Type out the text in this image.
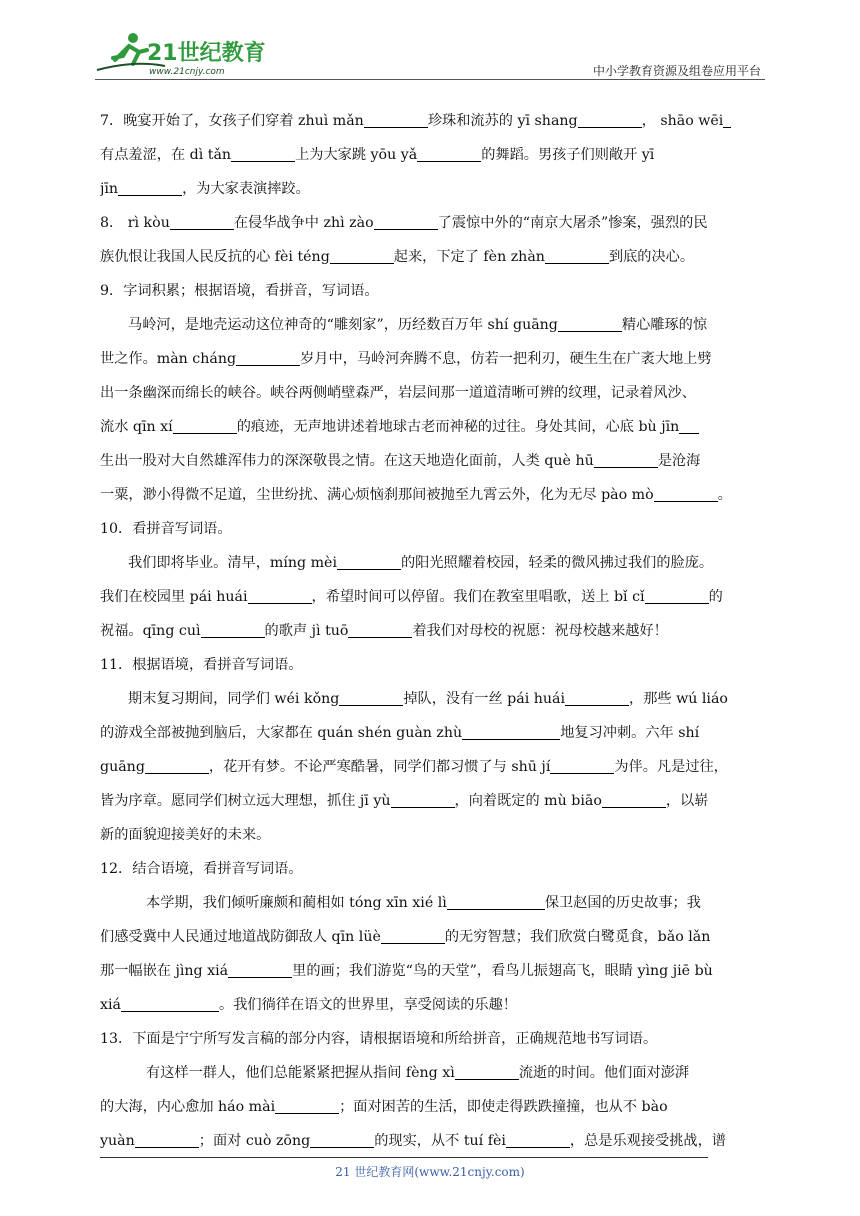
21世纪教育
www.21cnjy.com	中小学教育资源及组卷应用平台
7．晚宴开始了，女孩子们穿着 zhuì mǎn	珍珠和流苏的 yī shang	， shāo wēi
有点羞涩，在 dì tǎn	上为大家跳 yōu yǎ	的舞蹈。男孩子们则敞开 yī
jīn	，为大家表演摔跤。
8． rì kòu	在侵华战争中 zhì zào	了震惊中外的“南京大屠杀”惨案，强烈的民
族仇恨让我国人民反抗的心 fèi téng	起来，下定了 fèn zhàn	到底的决心。
9．字词积累；根据语境，看拼音，写词语。
马岭河，是地壳运动这位神奇的“雕刻家”，历经数百万年 shí guāng	精心雕琢的惊
世之作。màn cháng	岁月中，马岭河奔腾不息，仿若一把利刃，硬生生在广袤大地上劈
出一条幽深而绵长的峡谷。峡谷两侧峭壁森严，岩层间那一道道清晰可辨的纹理，记录着风沙、
流水 qīn xí	的痕迹，无声地讲述着地球古老而神秘的过往。身处其间，心底 bù jīn
生出一股对大自然雄浑伟力的深深敬畏之情。在这天地造化面前，人类 què hū	是沧海
一粟，渺小得微不足道，尘世纷扰、满心烦恼刹那间被抛至九霄云外，化为无尽 pào mò	。
10．看拼音写词语。
我们即将毕业。清早，míng mèi	的阳光照耀着校园，轻柔的微风拂过我们的脸庞。
我们在校园里 pái huái	，希望时间可以停留。我们在教室里唱歌，送上 bǐ cǐ	的
祝福。qīng cuì	的歌声 jì tuō	着我们对母校的祝愿：祝母校越来越好！
11．根据语境，看拼音写词语。
期末复习期间，同学们 wéi kǒng	掉队，没有一丝 pái huái	，那些 wú liáo
的游戏全部被抛到脑后，大家都在 quán shén guàn zhù	地复习冲刺。六年 shí
guāng	，花开有梦。不论严寒酷暑，同学们都习惯了与 shū jí	为伴。凡是过往，
皆为序章。愿同学们树立远大理想，抓住 jī yù	，向着既定的 mù biāo	，以崭
新的面貌迎接美好的未来。
12．结合语境，看拼音写词语。
本学期，我们倾听廉颇和蔺相如 tóng xīn xié lì	保卫赵国的历史故事；我
们感受冀中人民通过地道战防御敌人 qīn lüè	的无穷智慧；我们欣赏白鹭觅食，bǎo lǎn
那一幅嵌在 jìng xiá	里的画；我们游览“鸟的天堂”，看鸟儿振翅高飞，眼睛 yìng jiē bù
xiá	。我们徜徉在语文的世界里，享受阅读的乐趣！
13．下面是宁宁所写发言稿的部分内容，请根据语境和所给拼音，正确规范地书写词语。
有这样一群人，他们总能紧紧把握从指间 fèng xì	流逝的时间。他们面对澎湃
的大海，内心愈加 háo mài	；面对困苦的生活，即使走得跌跌撞撞，也从不 bào
yuàn	；面对 cuò zōng	的现实，从不 tuí fèi	，总是乐观接受挑战，谱
21 世纪教育网(www.21cnjy.com)
